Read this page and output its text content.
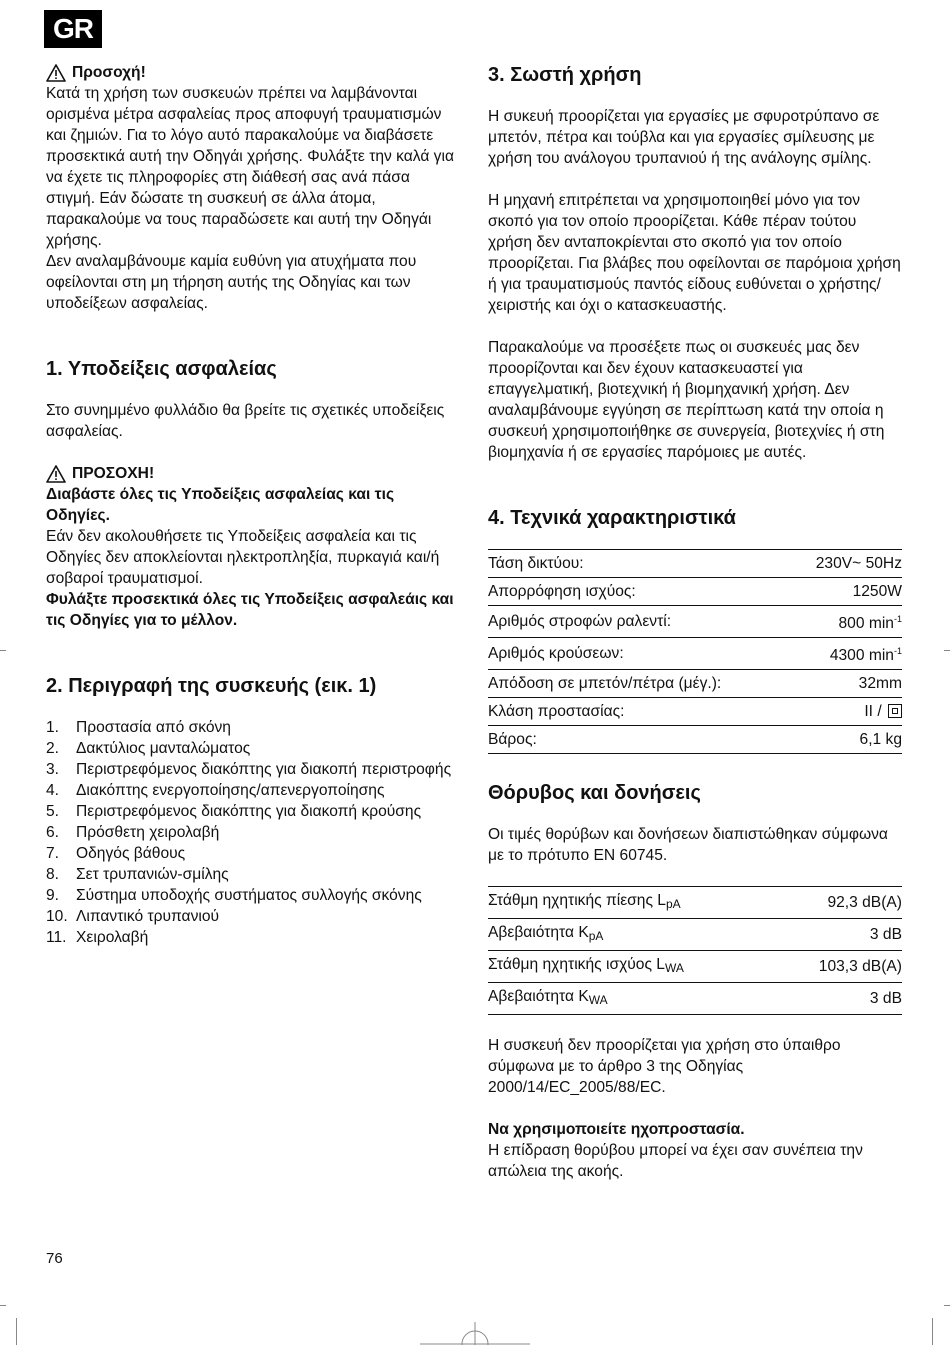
GR
Προσοχή!

Κατά τη χρήση των συσκευών πρέπει να λαμβάνονται ορισμένα μέτρα ασφαλείας προς αποφυγή τραυματισμών και ζημιών. Για το λόγο αυτό παρακαλούμε να διαβάσετε προσεκτικά αυτή την Οδηγάι χρήσης. Φυλάξτε την καλά για να έχετε τις πληροφορίες στη διάθεσή σας ανά πάσα στιγμή. Εάν δώσατε τη συσκευή σε άλλα άτομα, παρακαλούμε να τους παραδώσετε και αυτή την Οδηγάι χρήσης.

Δεν αναλαμβάνουμε καμία ευθύνη για ατυχήματα που οφείλονται στη μη τήρηση αυτής της Οδηγίας και των υποδείξεων ασφαλείας.

1. Υποδείξεις ασφαλείας

Στο συνημμένο φυλλάδιο θα βρείτε τις σχετικές υποδείξεις ασφαλείας.

ΠΡΟΣΟΧΗ!

Διαβάστε όλες τις Υποδείξεις ασφαλείας και τις Οδηγίες.

Εάν δεν ακολουθήσετε τις Υποδείξεις ασφαλεία και τις Οδηγίες δεν αποκλείονται ηλεκτροπληξία, πυρκαγιά και/ή σοβαροί τραυματισμοί.

Φυλάξτε προσεκτικά όλες τις Υποδείξεις ασφαλεάις και τις Οδηγίες για το μέλλον.

2. Περιγραφή της συσκευής (εικ. 1)
1.	Προστασία από σκόνη
2.	Δακτύλιος μανταλώματος
3.	Περιστρεφόμενος διακόπτης για διακοπή περιστροφής
4.	Διακόπτης ενεργοποίησης/απενεργοποίησης
5.	Περιστρεφόμενος διακόπτης για διακοπή κρούσης
6.	Πρόσθετη χειρολαβή
7.	Οδηγός βάθους
8.	Σετ τρυπανιών-σμίλης
9.	Σύστημα υποδοχής συστήματος συλλογής σκόνης
10. Λιπαντικό τρυπανιού
11. Χειρολαβή
3. Σωστή χρήση

Η συκευή προορίζεται για εργασίες με σφυροτρύπανο σε μπετόν, πέτρα και τούβλα και για εργασίες σμίλευσης με χρήση του ανάλογου τρυπανιού ή της ανάλογης σμίλης.

Η μηχανή επιτρέπεται να χρησιμοποιηθεί μόνο για τον σκοπό για τον οποίο προορίζεται. Κάθε πέραν τούτου χρήση δεν ανταποκρίενται στο σκοπό για τον οποίο προορίζεται. Για βλάβες που οφείλονται σε παρόμοια χρήση ή για τραυματισμούς παντός είδους ευθύνεται ο χρήστης/χειριστής και όχι ο κατασκευαστής.

Παρακαλούμε να προσέξετε πως οι συσκευές μας δεν προορίζονται και δεν έχουν κατασκευαστεί για επαγγελματική, βιοτεχνική ή βιομηχανική χρήση. Δεν αναλαμβάνουμε εγγύηση σε περίπτωση κατά την οποία η συσκευή χρησιμοποιήθηκε σε συνεργεία, βιοτεχνίες ή στη βιομηχανία ή σε εργασίες παρόμοιες με αυτές.

4. Τεχνικά χαρακτηριστικά
Τάση δικτύου:	230V~ 50Hz
Απορρόφηση ισχύος:	1250W
Αριθμός στροφών ραλεντί:	800 $\min^{-1}$
Αριθμός κρούσεων:	4300 $\min^{-1}$
Απόδοση σε μπετόν/πέτρα (μέγ.):	32mm
Κλάση προστασίας:	II /
Βάρος:	6,1 kg
Θόρυβος και δονήσεις

Οι τιμές θορύβων και δονήσεων διαπιστώθηκαν σύμφωνα με το πρότυπο EN 60745.

Στάθμη ηχητικής πίεσης $L_{pA}$	92,3 dB(A)
Αβεβαιότητα $K_{pA}$	3 dB
Στάθμη ηχητικής ισχύος $L_{WA}$	103,3 dB(A)
Αβεβαιότητα $K_{WA}$	3 dB

Η συσκευή δεν προορίζεται για χρήση στο ύπαιθρο σύμφωνα με το άρθρο 3 της Οδηγίας 2000/14/EC_2005/88/EC.

Να χρησιμοποιείτε ηχοπροστασία.

Η επίδραση θορύβου μπορεί να έχει σαν συνέπεια την απώλεια της ακοής.

76
